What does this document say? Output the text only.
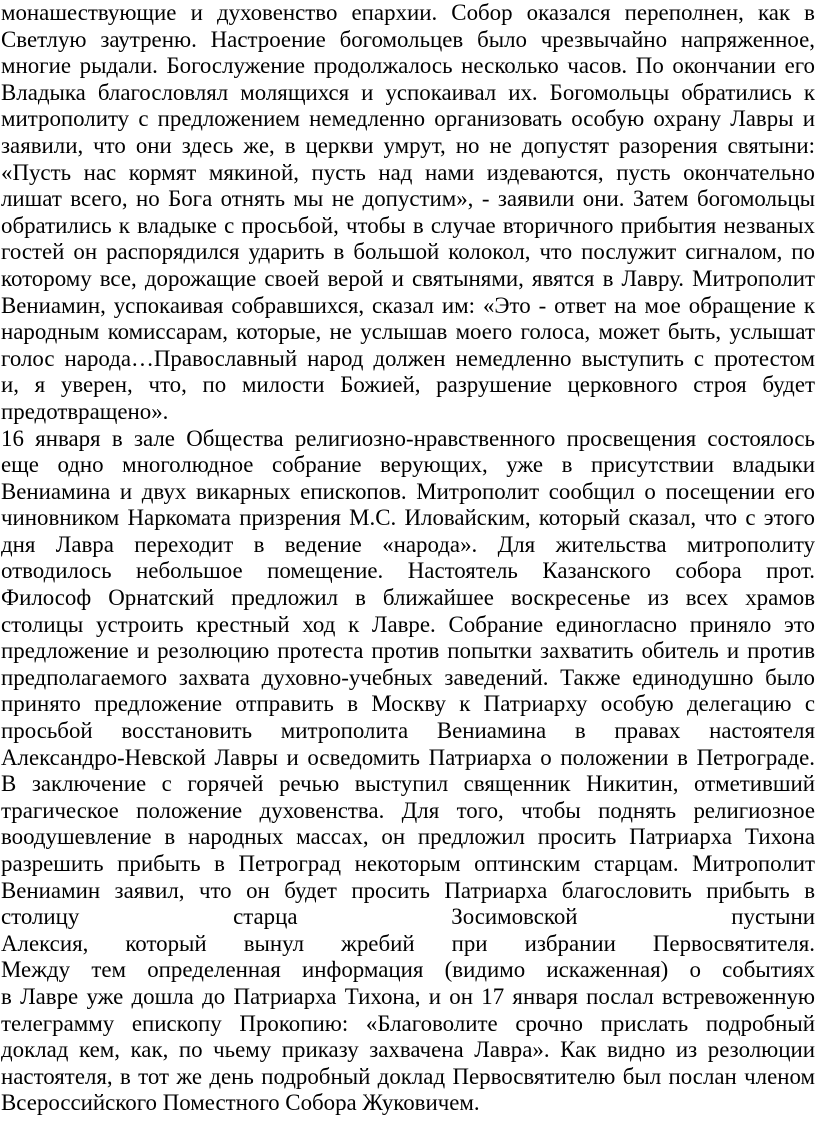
монашествующие и духовенство епархии. Собор оказался переполнен, как в
Светлую заутреню. Настроение богомольцев было чрезвычайно напряженное,
многие рыдали. Богослужение продолжалось несколько часов. По окончании его
Владыка благословлял молящихся и успокаивал их. Богомольцы обратились к
митрополиту с предложением немедленно организовать особую охрану Лавры и
заявили, что они здесь же, в церкви умрут, но не допустят разорения святыни:
«Пусть нас кормят мякиной, пусть над нами издеваются, пусть окончательно
лишат всего, но Бога отнять мы не допустим», - заявили они. Затем богомольцы
обратились к владыке с просьбой, чтобы в случае вторичного прибытия незваных
гостей он распорядился ударить в большой колокол, что послужит сигналом, по
которому все, дорожащие своей верой и святынями, явятся в Лавру. Митрополит
Вениамин, успокаивая собравшихся, сказал им: «Это - ответ на мое обращение к
народным комиссарам, которые, не услышав моего голоса, может быть, услышат
голос народа…Православный народ должен немедленно выступить с протестом
и, я уверен, что, по милости Божией, разрушение церковного строя будет
предотвращено».
16 января в зале Общества религиозно-нравственного просвещения состоялось
еще одно многолюдное собрание верующих, уже в присутствии владыки
Вениамина и двух викарных епископов. Митрополит сообщил о посещении его
чиновником Наркомата призрения М.С. Иловайским, который сказал, что с этого
дня Лавра переходит в ведение «народа». Для жительства митрополиту
отводилось небольшое помещение. Настоятель Казанского собора прот.
Философ Орнатский предложил в ближайшее воскресенье из всех храмов
столицы устроить крестный ход к Лавре. Собрание единогласно приняло это
предложение и резолюцию протеста против попытки захватить обитель и против
предполагаемого захвата духовно-учебных заведений. Также единодушно было
принято предложение отправить в Москву к Патриарху особую делегацию с
просьбой восстановить митрополита Вениамина в правах настоятеля
Александро-Невской Лавры и осведомить Патриарха о положении в Петрограде.
В заключение с горячей речью выступил священник Никитин, отметивший
трагическое положение духовенства. Для того, чтобы поднять религиозное
воодушевление в народных массах, он предложил просить Патриарха Тихона
разрешить прибыть в Петроград некоторым оптинским старцам. Митрополит
Вениамин заявил, что он будет просить Патриарха благословить прибыть в
столицу старца Зосимовской пустыни
Алексия, который вынул жребий при избрании Первосвятителя.
Между тем определенная информация (видимо искаженная) о событиях
в Лавре уже дошла до Патриарха Тихона, и он 17 января послал встревоженную
телеграмму епископу Прокопию: «Благоволите срочно прислать подробный
доклад кем, как, по чьему приказу захвачена Лавра». Как видно из резолюции
настоятеля, в тот же день подробный доклад Первосвятителю был послан членом
Всероссийского Поместного Собора Жуковичем.
